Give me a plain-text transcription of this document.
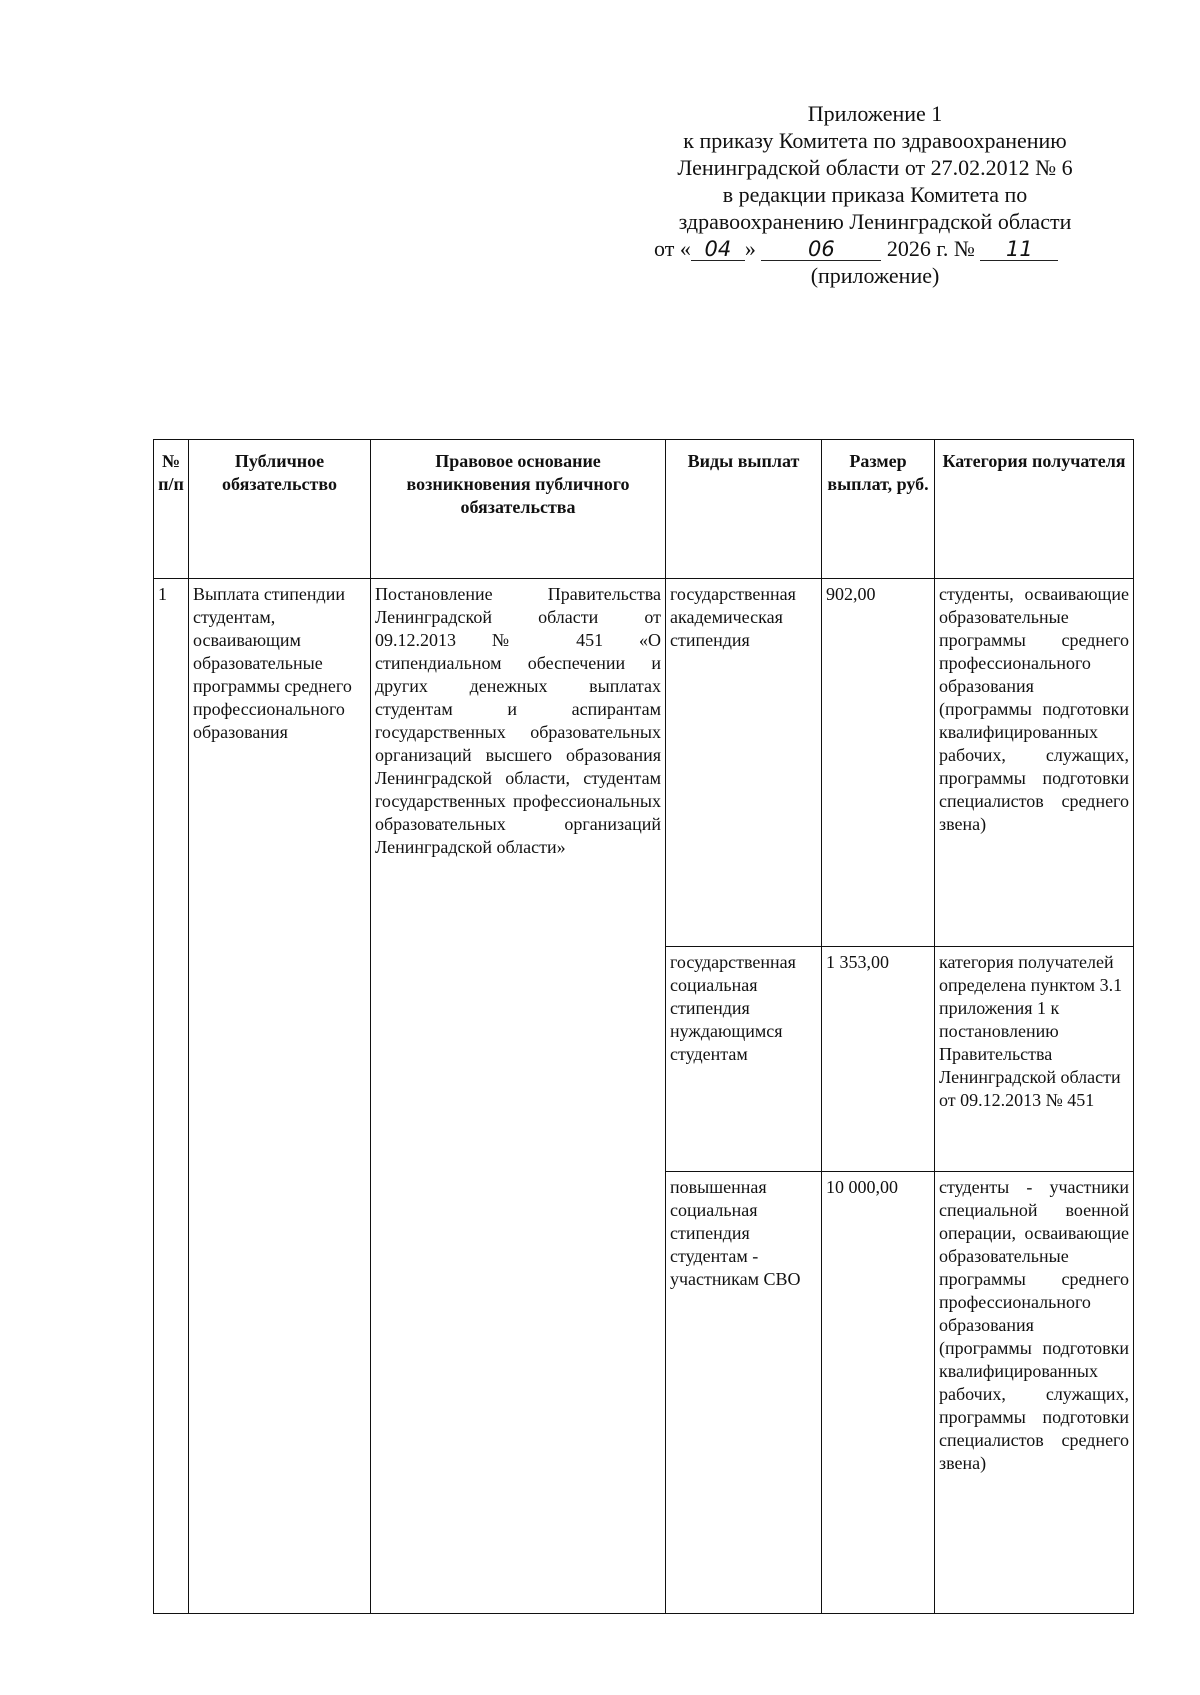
Приложение 1
к приказу Комитета по здравоохранению
Ленинградской области от 27.02.2012 № 6
в редакции приказа Комитета по
здравоохранению Ленинградской области
от « 04 » 06 2026 г. № 11
(приложение)
№ п/п	Публичное обязательство	Правовое основание возникновения публичного обязательства	Виды выплат	Размер выплат, руб.	Категория получателя
1	Выплата стипендии студентам, осваивающим образовательные программы среднего профессионального образования	Постановление Правительства Ленинградской области от 09.12.2013 № 451 «О стипендиальном обеспечении и других денежных выплатах студентам и аспирантам государственных образовательных организаций высшего образования Ленинградской области, студентам государственных профессиональных образовательных организаций Ленинградской области»	государственная академическая стипендия	902,00	студенты, осваивающие образовательные программы среднего профессионального образования (программы подготовки квалифицированных рабочих, служащих, программы подготовки специалистов среднего звена)
			государственная социальная стипендия нуждающимся студентам	1 353,00	категория получателей определена пунктом 3.1 приложения 1 к постановлению Правительства Ленинградской области от 09.12.2013 № 451
			повышенная социальная стипендия студентам - участникам СВО	10 000,00	студенты - участники специальной военной операции, осваивающие образовательные программы среднего профессионального образования (программы подготовки квалифицированных рабочих, служащих, программы подготовки специалистов среднего звена)
